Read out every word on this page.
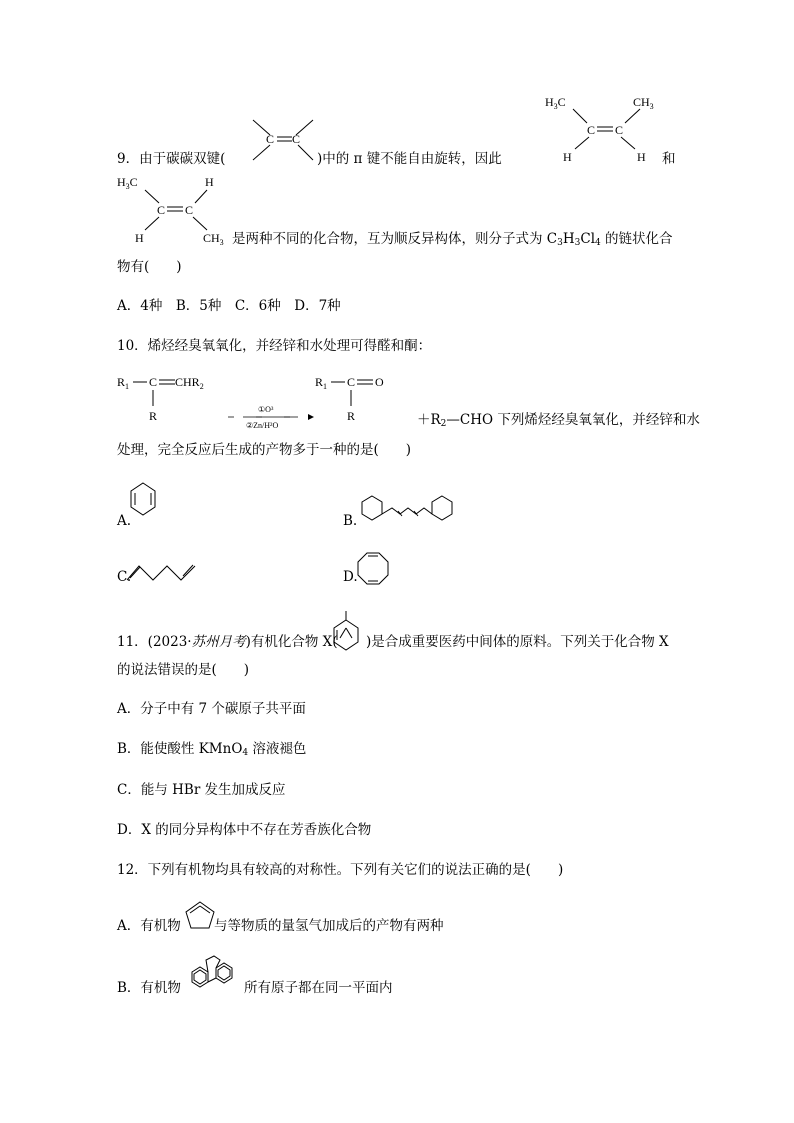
C C
9．由于碳碳双键(	)中的 π 键不能自由旋转，因此
$H_3C$	$CH_3$
C C
H	H 和
$H_3C$	H
C C
H	$CH_3$ 是两种不同的化合物，互为顺反异构体，则分子式为 $C_3H_3Cl_4$ 的链状化合
物有(　　)
A．4种　B．5种　C．6种　D．7种
10．烯烃经臭氧氧化，并经锌和水处理可得醛和酮：
$R_1$ C $CHR_2$
R	①O³
②Zn/H²O
$R_1$ C O
R	$+R_2—CHO$ 下列烯烃经臭氧氧化，并经锌和水
处理，完全反应后生成的产物多于一种的是(　　)
A.	B.
C.	D.
11．(2023·苏州月考)有机化合物 X( )是合成重要医药中间体的原料。下列关于化合物 X
的说法错误的是(　　)
A．分子中有 7 个碳原子共平面
B．能使酸性 KMnO$_4$ 溶液褪色
C．能与 HBr 发生加成反应
D．X 的同分异构体中不存在芳香族化合物
12．下列有机物均具有较高的对称性。下列有关它们的说法正确的是(　　)
A．有机物 与等物质的量氢气加成后的产物有两种
B．有机物	所有原子都在同一平面内
